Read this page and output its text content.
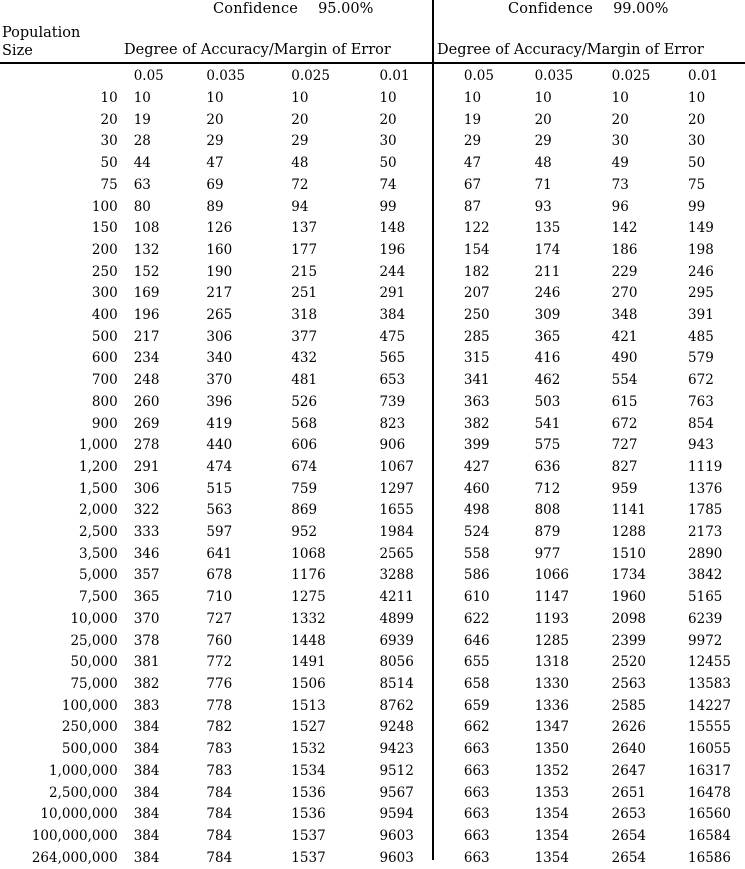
Confidence 95.00%	Confidence 99.00%
Population
Size	Degree of Accuracy/Margin of Error	Degree of Accuracy/Margin of Error
	0.05	0.035	0.025	0.01		0.05	0.035	0.025	0.01
10	10	10	10	10		10	10	10	10
20	19	20	20	20		19	20	20	20
30	28	29	29	30		29	29	30	30
50	44	47	48	50		47	48	49	50
75	63	69	72	74		67	71	73	75
100	80	89	94	99		87	93	96	99
150	108	126	137	148		122	135	142	149
200	132	160	177	196		154	174	186	198
250	152	190	215	244		182	211	229	246
300	169	217	251	291		207	246	270	295
400	196	265	318	384		250	309	348	391
500	217	306	377	475		285	365	421	485
600	234	340	432	565		315	416	490	579
700	248	370	481	653		341	462	554	672
800	260	396	526	739		363	503	615	763
900	269	419	568	823		382	541	672	854
1,000	278	440	606	906		399	575	727	943
1,200	291	474	674	1067		427	636	827	1119
1,500	306	515	759	1297		460	712	959	1376
2,000	322	563	869	1655		498	808	1141	1785
2,500	333	597	952	1984		524	879	1288	2173
3,500	346	641	1068	2565		558	977	1510	2890
5,000	357	678	1176	3288		586	1066	1734	3842
7,500	365	710	1275	4211		610	1147	1960	5165
10,000	370	727	1332	4899		622	1193	2098	6239
25,000	378	760	1448	6939		646	1285	2399	9972
50,000	381	772	1491	8056		655	1318	2520	12455
75,000	382	776	1506	8514		658	1330	2563	13583
100,000	383	778	1513	8762		659	1336	2585	14227
250,000	384	782	1527	9248		662	1347	2626	15555
500,000	384	783	1532	9423		663	1350	2640	16055
1,000,000	384	783	1534	9512		663	1352	2647	16317
2,500,000	384	784	1536	9567		663	1353	2651	16478
10,000,000	384	784	1536	9594		663	1354	2653	16560
100,000,000	384	784	1537	9603		663	1354	2654	16584
264,000,000	384	784	1537	9603		663	1354	2654	16586
